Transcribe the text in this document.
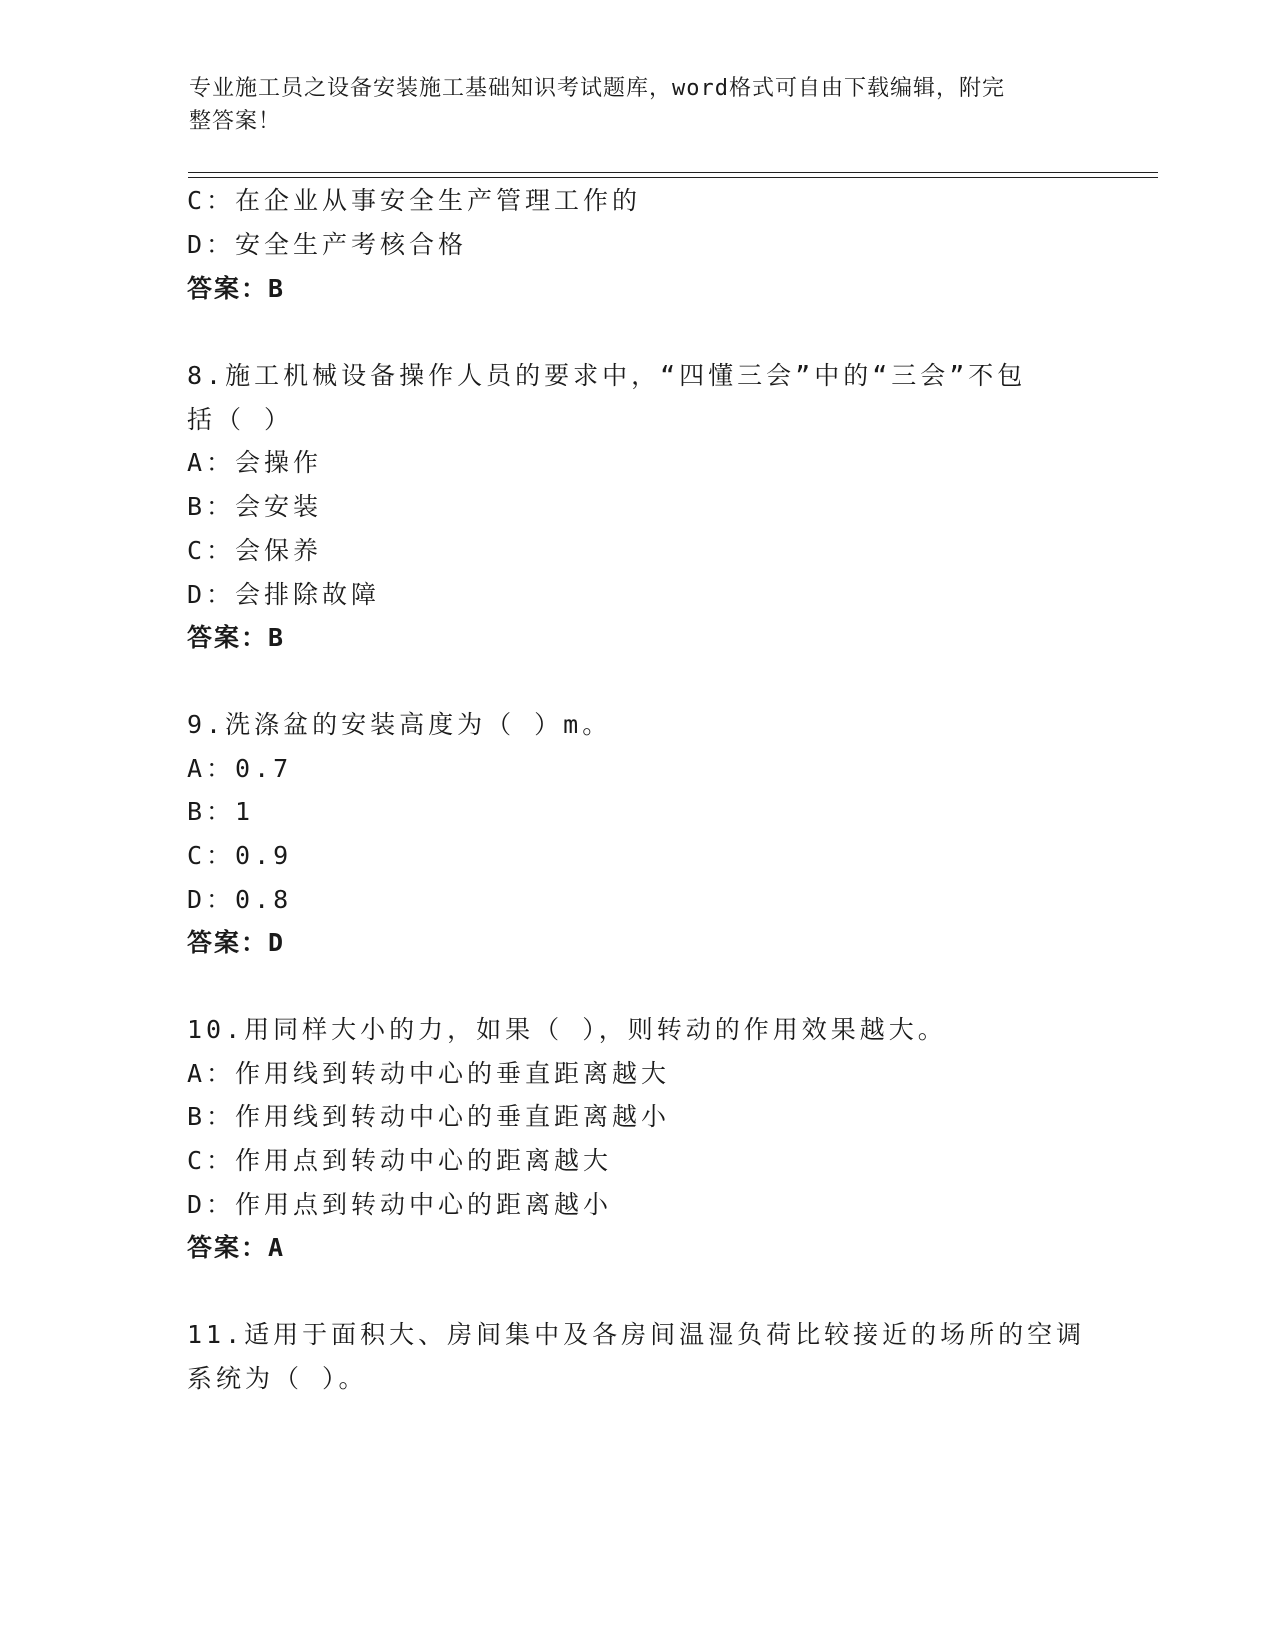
专业施工员之设备安装施工基础知识考试题库，word格式可自由下载编辑，附完
整答案！
C：在企业从事安全生产管理工作的
D：安全生产考核合格
答案：B
8.施工机械设备操作人员的要求中，“四懂三会”中的“三会”不包
括（ ）
A：会操作
B：会安装
C：会保养
D：会排除故障
答案：B
9.洗涤盆的安装高度为（ ）m。
A：0.7
B：1
C：0.9
D：0.8
答案：D
10.用同样大小的力，如果（ ），则转动的作用效果越大。
A：作用线到转动中心的垂直距离越大
B：作用线到转动中心的垂直距离越小
C：作用点到转动中心的距离越大
D：作用点到转动中心的距离越小
答案：A
11.适用于面积大、房间集中及各房间温湿负荷比较接近的场所的空调
系统为（ ）。
